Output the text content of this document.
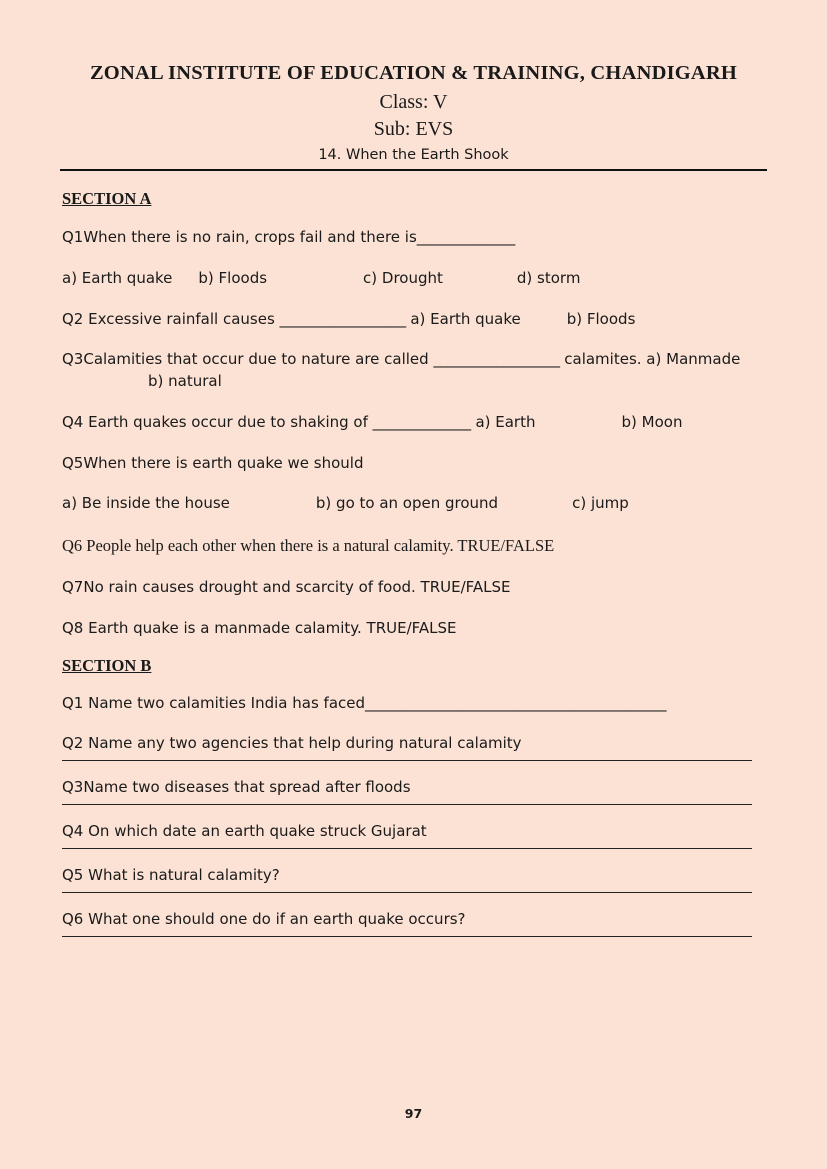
ZONAL INSTITUTE OF EDUCATION & TRAINING, CHANDIGARH
Class: V
Sub: EVS
14. When the Earth Shook
SECTION A
Q1When there is no rain, crops fail and there is______________
a) Earth quake b) Floods	c) Drought	d) storm
Q2 Excessive rainfall causes __________________ a) Earth quake	b) Floods
Q3Calamities that occur due to nature are called __________________ calamites. a) Manmadeb) natural
Q4 Earth quakes occur due to shaking of ______________ a) Earth	b) Moon
Q5When there is earth quake we should
a) Be inside the house	b) go to an open ground	c) jump
Q6 People help each other when there is a natural calamity. TRUE/FALSE
Q7No rain causes drought and scarcity of food. TRUE/FALSE
Q8 Earth quake is a manmade calamity. TRUE/FALSE
SECTION B
Q1 Name two calamities India has faced___________________________________________
Q2 Name any two agencies that help during natural calamity
Q3Name two diseases that spread after floods
Q4 On which date an earth quake struck Gujarat
Q5 What is natural calamity?
Q6 What one should one do if an earth quake occurs?
97
